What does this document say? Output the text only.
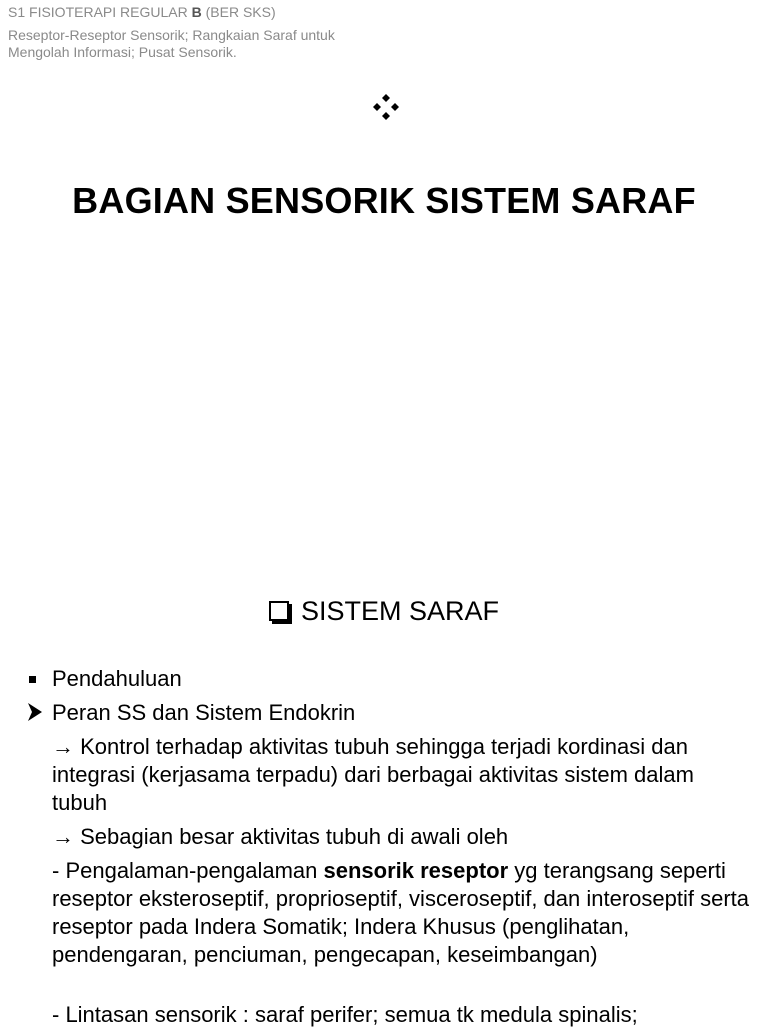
S1 FISIOTERAPI REGULAR B (BER SKS)
Reseptor-Reseptor Sensorik; Rangkaian Saraf untuk Mengolah Informasi; Pusat Sensorik.
BAGIAN SENSORIK SISTEM SARAF
SISTEM SARAF
Pendahuluan
Peran SS dan Sistem Endokrin
→ Kontrol terhadap aktivitas tubuh sehingga terjadi kordinasi dan integrasi (kerjasama terpadu) dari berbagai aktivitas sistem dalam tubuh
→ Sebagian besar aktivitas tubuh di awali oleh
- Pengalaman-pengalaman sensorik reseptor yg terangsang seperti reseptor eksteroseptif, proprioseptif, visceroseptif, dan interoseptif serta reseptor pada Indera Somatik; Indera Khusus (penglihatan, pendengaran, penciuman, pengecapan, keseimbangan)
- Lintasan sensorik : saraf perifer; semua tk medula spinalis;
